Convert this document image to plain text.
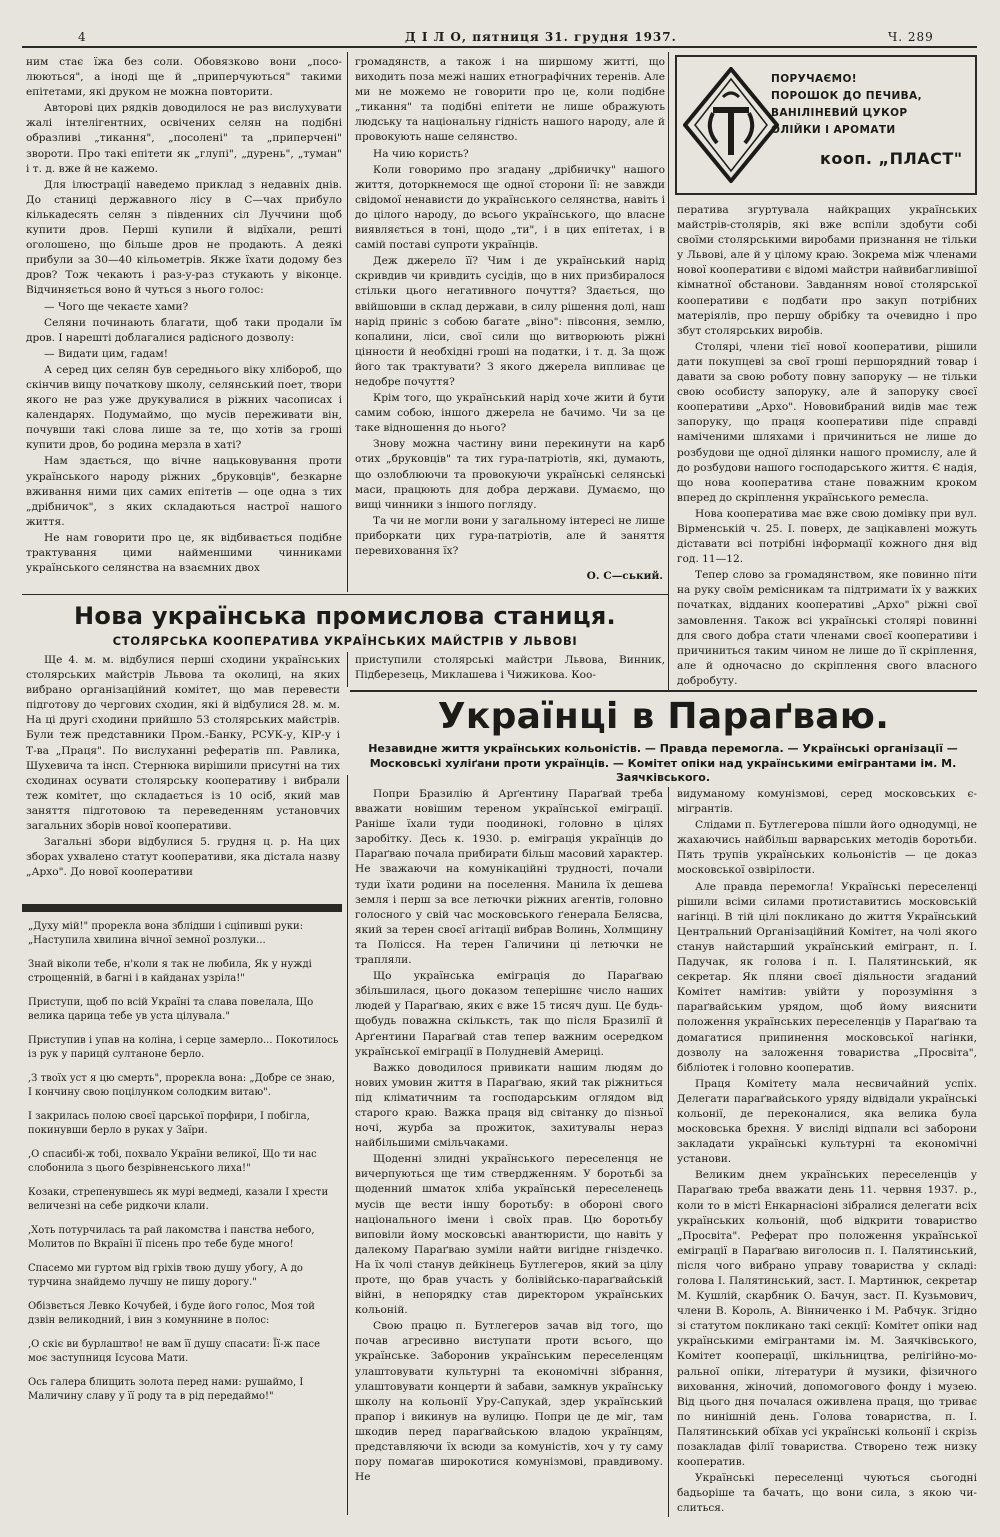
4	Д І Л О, пятниця 31. грудня 1937.	Ч. 289

ним стає їжа без соли. Обовязково вони „посолюються", а іноді ще й „приперчуються" такими епітетами, які друком не можна повторити.

Авторові цих рядків доводилося не раз вислухувати жалі інтелігентних, освічених селян на подібні образливі „тикання", „посолені" та „приперчені" звороти. Про такі епітети як „глупі", „дурень", „туман" і т. д. вже й не кажемо.

Для ілюстрації наведемо приклад з недавніх днів. До станиці державного лісу в С—чах прибуло кількадесять селян з південних сіл Луччини щоб купити дров. Перші купили й відїхали, решті оголошено, що більше дров не продають. А деякі прибули за 30—40 кільометрів. Якже їхати додому без дров? Тож чекають і раз-у-раз стукають у віконце. Відчиняється воно й чуться з нього голос:

— Чого ще чекаєте хами?

Селяни починають благати, щоб таки продали їм дров. І нарешті доблагалися радісного дозволу:

— Видати цим, гадам!

А серед цих селян був середнього віку хлібороб, що скінчив вищу початкову школу, селянський поет, твори якого не раз уже друкувалися в ріжних часописах і календарях. Подумаймо, що мусів переживати він, почувши такі слова лише за те, що хотів за гроші купити дров, бо родина мерзла в хаті?

Нам здається, що вічне нацьковування проти українського народу ріжних „бруковців", безкарне вживання ними цих самих епітетів — оце одна з тих „дрібничок", з яких складаються настрої нашого життя.

Не нам говорити про це, як відбивається подібне трактування цими найменшими чинниками українського селянства на взаємних двох

громадянств, а також і на ширшому житті, що виходить поза межі наших етнографічних теренів. Але ми не можемо не говорити про це, коли подібне „тикання" та подібні епітети не лише ображують людську та національну гідність нашого народу, але й провокують наше селянство.

На чию користь?

Коли говоримо про згадану „дрібничку" нашого життя, доторкнемося ще одної сторони її: не завжди свідомої ненависти до українського селянства, навіть і до цілого народу, до всього українського, що власне виявляється в тоні, щодо „ти", і в цих епітетах, і в самій поставі супроти українців.

Деж джерело її? Чим і де український нарід скривдив чи кривдить сусідів, що в них призбиралося стільки цього негативного почуття? Здається, що ввійшовши в склад держави, в силу рішення долі, наш нарід приніс з собою багате „віно": півсоння, землю, копалини, ліси, свої сили що витворюють ріжні цінности й необхідні гроші на податки, і т. д. За щож його так трактувати? З якого джерела випливає це недобре почуття?

Крім того, що український нарід хоче жити й бути самим собою, іншого джерела не бачимо. Чи за це таке відношення до нього?

Знову можна частину вини перекинути на карб отих „бруковців" та тих гура-патріотів, які, думають, що озлоблюючи та провокуючи українські селянські маси, працюють для добра держави. Думаємо, що вищі чинники з іншого погляду.

Та чи не могли вони у загальному інтересі не лише приборкати цих гура-патріотів, але й заняття перевиховання їх?

О. С—ський.
ПОРУЧАЄМО!
ПОРОШОК ДО ПЕЧИВА,
ВАНІЛІНЕВИЙ ЦУКОР
ОЛІЙКИ І АРОМАТИ
кооп. „ПЛАСТ"

ператива згуртувала найкращих українських майстрів-столярів, які вже вспіли здобути собі своїми столярськими виробами признання не тільки у Львові, але й у цілому краю. Зокрема між членами нової кооперативи є відомі майстри найвибагливішої кімнатної обстанови. Завданням нової столярської кооперативи є подбати про закуп потрібних матеріялів, про першу обрібку та очевидно і про збут столярських виробів.

Столярі, члени тієї нової кооперативи, рішили дати покупцеві за свої гроші першорядний товар і давати за свою роботу повну запоруку — не тільки свою особисту запоруку, але й запоруку своєї кооперативи „Архо". Нововибраний видів має теж запоруку, що праця кооперативи піде справді наміченими шляхами і причиниться не лише до розбудови ще одної ділянки нашого промислу, але й до розбудови нашого господарського життя. Є надія, що нова кооператива стане поважним кроком вперед до скріплення українського ремесла.

Нова кооператива має вже свою домівку при вул. Вірменській ч. 25. І. поверх, де зацікавлені можуть діставати всі потрібні інформації кожного дня від год. 11—12.

Тепер слово за громадянством, яке повинно піти на руку своїм ремісникам та підтримати їх у важких початках, відданих кооперативі „Архо" ріжні свої замовлення. Також всі українські столярі повинні для свого добра стати членами своєї кооперативи і причиниться таким чином не лише до її скріплення, але й одночасно до скріплення свого власного добробуту.

Нова українська промислова станиця.
СТОЛЯРСЬКА КООПЕРАТИВА УКРАЇНСЬКИХ МАЙСТРІВ У ЛЬВОВІ

Ще 4. м. м. відбулися перші сходини українських столярських майстрів Львова та околиці, на яких вибрано організаційний комітет, що мав перевести підготову до чергових сходин, які й відбулися 28. м. м. На ці другі сходини прийшло 53 столярських майстрів. Були теж представники Пром.-Банку, РСУК-у, КІР-у і Т-ва „Праця". По вислуханні рефератів пп. Равлика, Шухевича та інсп. Стернюка вирішили присутні на тих сходинах осувати столярську кооперативу і вибрали теж комітет, що складається із 10 осіб, який мав заняття підготовою та переведенням установчих загальних зборів нової кооперативи.

Загальні збори відбулися 5. грудня ц. р. На цих зборах ухвалено статут кооперативи, яка дістала назву „Архо". До нової кооперативи

приступили столярські майстри Львова, Винник, Підберезець, Миклашева і Чижикова. Коо-

„Духу мій!" прорекла вона зблідши і сціпивші руки: „Наступила хвилина вічної земної розлуки...

Знай віколи тебе, н'коли я так не любила, Як у нужді строщенній, в багні і в кайданах узріла!"

Приступи, щоб по всій Україні та слава повелала, Що велика царица тебе ув уста цілувала."

Приступив і упав на коліна, і серце замерло... Покотилось із рук у парицй султаноне берло.

,З твоїх уст я цю смерть", прорекла вона: „Добре се знаю, І кончину свою поцілунком солодким витаю".

І закрилась полою своєї царської порфири, І побігла, покинувши берло в руках у Заїри.

,О спасибі-ж тобі, похвало України великої, Що ти нас слобонила з цього безрівненського лиха!"

Козаки, стрепенувшесь як мурі ведмеді, казали І хрести величезні на себе ридкочи клали.

,Хоть потурчилась та рай лакомства і панства небого, Молитов по Вкраїні її пісень про тебе буде много!

Спасемо ми гуртом від гріхів твою душу убогу, А до турчина знайдемо лучшу не пишу дорогу."

Обізвється Левко Кочубей, і буде його голос, Моя той дзвін великодний, і вин з комуннине в полос:

,О скіє ви бурлаштво! не вам її душу спасати: Її-ж пасе моє заступниця Ісусова Мати.

Ось галера блищить золота перед нами: рушаймо, І Маличину славу у її роду та в рід передаймо!"

Українці в Параґваю.
Незавидне життя українських кольоністів. — Правда перемогла. — Українські організації — Московські хуліґани проти українців. — Комітет опіки над українськими емігрантами ім. М. Заячківського.

Попри Бразилію й Арґентину Параґвай треба вважати новішим тереном української еміграції. Раніше їхали туди поодинокі, головно в цілях заробітку. Десь к. 1930. р. еміграція українців до Параґваю почала прибирати більш масовий характер. Не зважаючи на комунікаційні трудності, почали туди їхати родини на поселення. Манила їх дешева земля і перш за все летючки ріжних агентів, головно голосного у свій час московського ґенерала Белясва, який за терен своєї агітації вибрав Волинь, Холмщину та Полісся. На терен Галичини ці летючки не трапляли.

Що українська еміграція до Параґваю збільшилася, цього доказом теперішнє число наших людей у Параґваю, яких є вже 15 тисяч душ. Це будь-щобудь поважна скільксть, так що після Бразилії й Арґентини Параґвай став тепер важним осередком української еміграції в Полудневій Америці.

Важко доводилося привикати нашим людям до нових умовин життя в Параґваю, який так ріжниться під кліматичним та господарським оглядом від старого краю. Важка праця від світанку до пізньої ночі, журба за прожиток, захитувалы нераз найбільшими смільчаками.

Щоденні злидні українського переселенця не вичерпуються ще тим ствердженням. У боротьбі за щоденний шматок хліба українськй переселенець мусів ще вести іншу боротьбу: в обороні свого національного імени і своїх прав. Цю боротьбу виповіли йому московські авантюристи, що навіть у далекому Параґваю зуміли найти вигідне гніздечко. На їх чолі станув дейкінець Бутлегеров, який за цілу проте, що брав участь у болівійсько-параґвайській війні, в непорядку став директором українських кольоній.

Свою працю п. Бутлегеров зачав від того, що почав агресивно виступати проти всього, що українське. Заборонив українським переселенцям улаштовувати культурні та економічні зібрання, улаштовувати концерти й забави, замкнув українську школу на кольонії Уру-Сапукай, здер український прапор і викинув на вулицю. Попри це де міг, там шкодив перед параґвайською владою українцям, представляючи їх всюди за комуністів, хоч у ту саму пору помагав широкотися комунізмові, правдивому. Не

видуманому комунізмові, серед московських ємігрантів.

Слідами п. Бутлегерова пішли його однодумці, не жахаючись найбільш варварських методів боротьби. Пять трупів українських кольоністів — це доказ московської озвірілости.

Але правда перемогла! Українські переселенці рішили всіми силами протиставитись московській нагінці. В тій цілі покликано до життя Український Центральний Організаційний Комітет, на чолі якого станув найстарший український емігрант, п. І. Падучак, як голова і п. І. Палятинський, як секретар. Як пляни своєї діяльности згаданий Комітет намітив: увійти у порозуміння з параґвайським урядом, щоб йому вияснити положення українських переселенців у Параґваю та домагатися припинення московської нагінки, дозволу на заложення товариства „Просвіта", бібліотек і головно кооператив.

Праця Комітету мала несвичайний успіх. Делегати параґвайського уряду відвідали українські кольонії, де переконалися, яка велика була московська брехня. У висліді відпали всі заборони закладати українські культурні та економічні установи.

Великим днем українських переселенців у Параґваю треба вважати день 11. червня 1937. р., коли то в місті Енкарнасіоні зібралися делегати всіх українських кольоній, щоб відкрити товариство „Просвіта". Реферат про положення української еміграції в Параґваю виголосив п. І. Палятинський, після чого вибрано управу товариства у складі: голова І. Палятинський, заст. І. Мартинюк, секретар М. Кушлій, скарбник О. Бачун, заст. П. Кузьмович, члени В. Король, А. Вінниченко і М. Рабчук. Згідно зі статутом покликано такі секції: Комітет опіки над українськими емігрантами ім. М. Заячківського, Комітет кооперації, шкільництва, релігійно-моральної опіки, літератури й музики, фізичного виховання, жіночий, допомогового фонду і музею. Від цього дня почалася оживлена праця, що триває по нинішній день. Голова товариства, п. І. Палятинський обїхав усі українські кольонії і скрізь позакладав філії товариства. Створено теж низку кооператив.

Українські переселенці чуються сьогодні бадьоріше та бачать, що вони сила, з якою числиться.
